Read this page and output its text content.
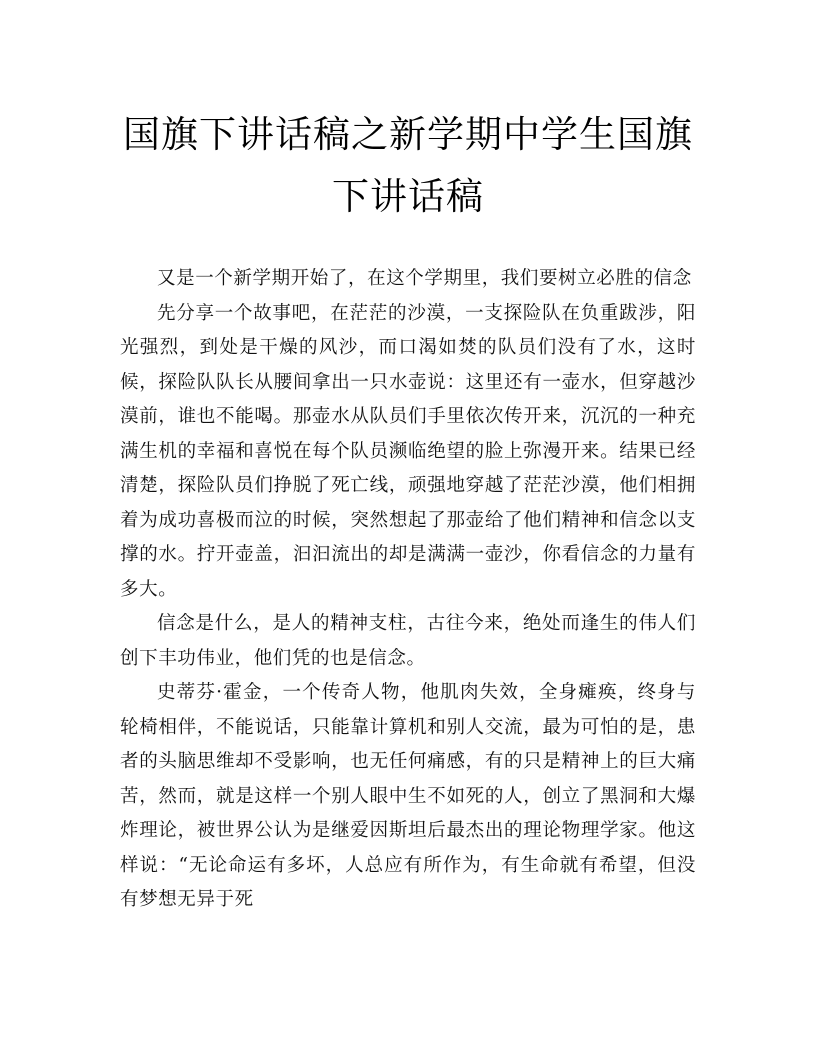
国旗下讲话稿之新学期中学生国旗下讲话稿

又是一个新学期开始了，在这个学期里，我们要树立必胜的信念

先分享一个故事吧，在茫茫的沙漠，一支探险队在负重跋涉，阳光强烈，到处是干燥的风沙，而口渴如焚的队员们没有了水，这时候，探险队队长从腰间拿出一只水壶说：这里还有一壶水，但穿越沙漠前，谁也不能喝。那壶水从队员们手里依次传开来，沉沉的一种充满生机的幸福和喜悦在每个队员濒临绝望的脸上弥漫开来。结果已经清楚，探险队员们挣脱了死亡线，顽强地穿越了茫茫沙漠，他们相拥着为成功喜极而泣的时候，突然想起了那壶给了他们精神和信念以支撑的水。拧开壶盖，汩汩流出的却是满满一壶沙，你看信念的力量有多大。

信念是什么，是人的精神支柱，古往今来，绝处而逢生的伟人们创下丰功伟业，他们凭的也是信念。

史蒂芬·霍金，一个传奇人物，他肌肉失效，全身瘫痪，终身与轮椅相伴，不能说话，只能靠计算机和别人交流，最为可怕的是，患者的头脑思维却不受影响，也无任何痛感，有的只是精神上的巨大痛苦，然而，就是这样一个别人眼中生不如死的人，创立了黑洞和大爆炸理论，被世界公认为是继爱因斯坦后最杰出的理论物理学家。他这样说：“无论命运有多坏，人总应有所作为，有生命就有希望，但没有梦想无异于死
